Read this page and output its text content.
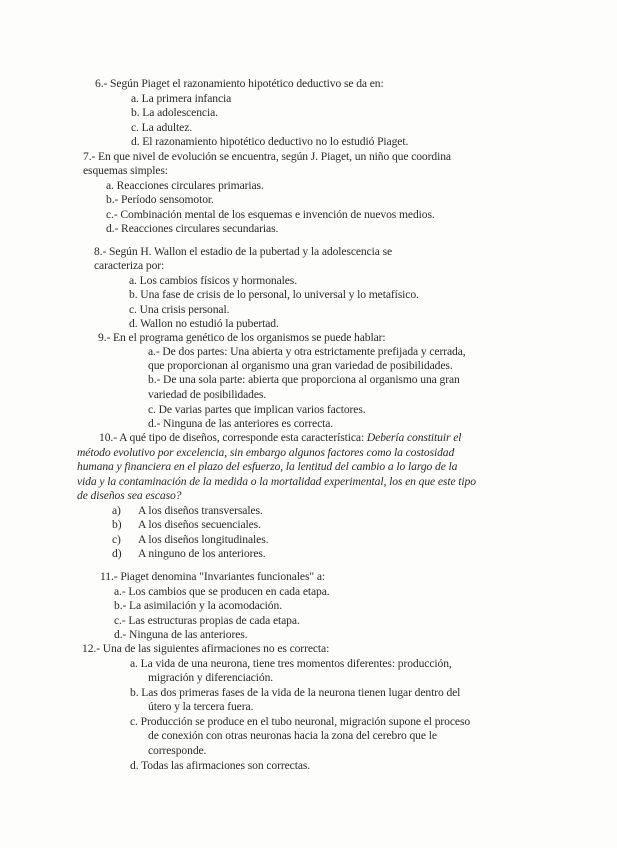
6.- Según Piaget el razonamiento hipotético deductivo se da en:
a. La primera infancia
b. La adolescencia.
c. La adultez.
d. El razonamiento hipotético deductivo no lo estudió Piaget.
7.- En que nivel de evolución se encuentra, según J. Piaget, un niño que coordina
esquemas simples:
a. Reacciones circulares primarias.
b.- Período sensomotor.
c.- Combinación mental de los esquemas e invención de nuevos medios.
d.- Reacciones circulares secundarias.
8.- Según H. Wallon el estadio de la pubertad y la adolescencia se
caracteriza por:
a. Los cambios físicos y hormonales.
b. Una fase de crisis de lo personal, lo universal y lo metafísico.
c. Una crisis personal.
d. Wallon no estudió la pubertad.
9.- En el programa genético de los organismos se puede hablar:
a.- De dos partes: Una abierta y otra estrictamente prefijada y cerrada,
que proporcionan al organismo una gran variedad de posibilidades.
b.- De una sola parte: abierta que proporciona al organismo una gran
variedad de posibilidades.
c. De varias partes que implican varios factores.
d.- Ninguna de las anteriores es correcta.
10.- A qué tipo de diseños, corresponde esta característica: Debería constituir el
método evolutivo por excelencia, sin embargo algunos factores como la costosidad
humana y financiera en el plazo del esfuerzo, la lentitud del cambio a lo largo de la
vida y la contaminación de la medida o la mortalidad experimental, los en que este tipo
de diseños sea escaso?
a) A los diseños transversales.
b) A los diseños secuenciales.
c) A los diseños longitudinales.
d) A ninguno de los anteriores.
11.- Piaget denomina "Invariantes funcionales" a:
a.- Los cambios que se producen en cada etapa.
b.- La asimilación y la acomodación.
c.- Las estructuras propias de cada etapa.
d.- Ninguna de las anteriores.
12.- Una de las siguientes afirmaciones no es correcta:
a. La vida de una neurona, tiene tres momentos diferentes: producción,
migración y diferenciación.
b. Las dos primeras fases de la vida de la neurona tienen lugar dentro del
útero y la tercera fuera.
c. Producción se produce en el tubo neuronal, migración supone el proceso
de conexión con otras neuronas hacia la zona del cerebro que le
corresponde.
d. Todas las afirmaciones son correctas.
